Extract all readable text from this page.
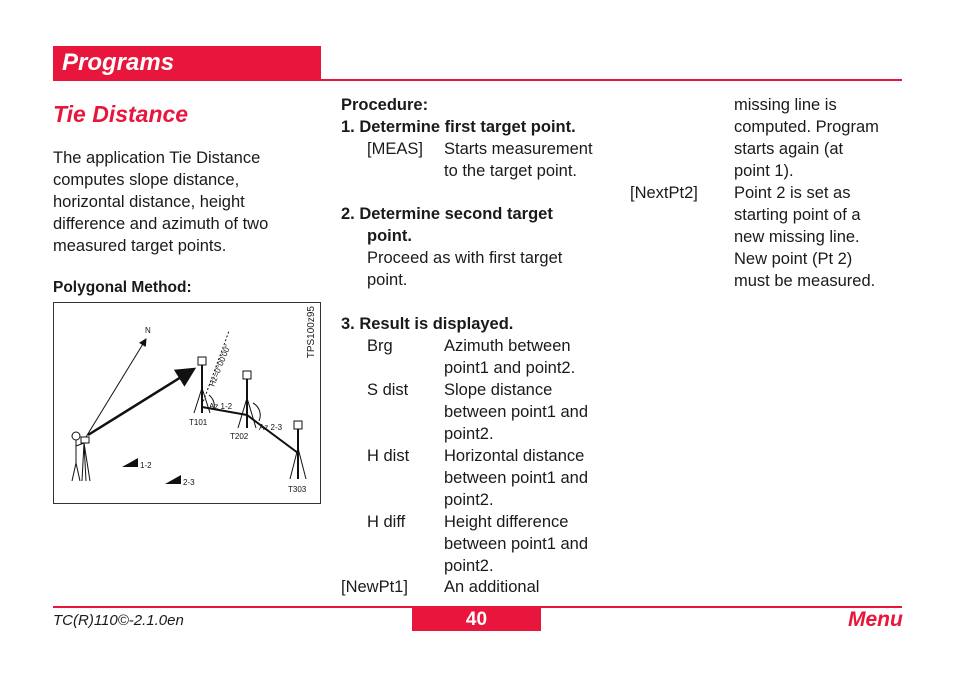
Programs
Tie Distance
The application Tie Distance
computes slope distance,
horizontal distance, height
difference and azimuth of two
measured target points.
Polygonal Method:
N
Hz=0°00'00"
Az 1-2
Az 2-3
T101
T202
T303
1-2
2-3
TPS100z95
Procedure:
1. Determine first target point.
[MEAS] Starts measurement
to the target point.
2. Determine second target
point.
Proceed as with first target
point.
3. Result is displayed.
Brg	Azimuth between
point1 and point2.
S dist Slope distance
between point1 and
point2.
H dist Horizontal distance
between point1 and
point2.
H diff Height difference
between point1 and
point2.
[NewPt1] An additional
missing line is
computed. Program
starts again (at
point 1).
[NextPt2] Point 2 is set as
starting point of a
new missing line.
New point (Pt 2)
must be measured.
TC(R)110©-2.1.0en	40	Menu
